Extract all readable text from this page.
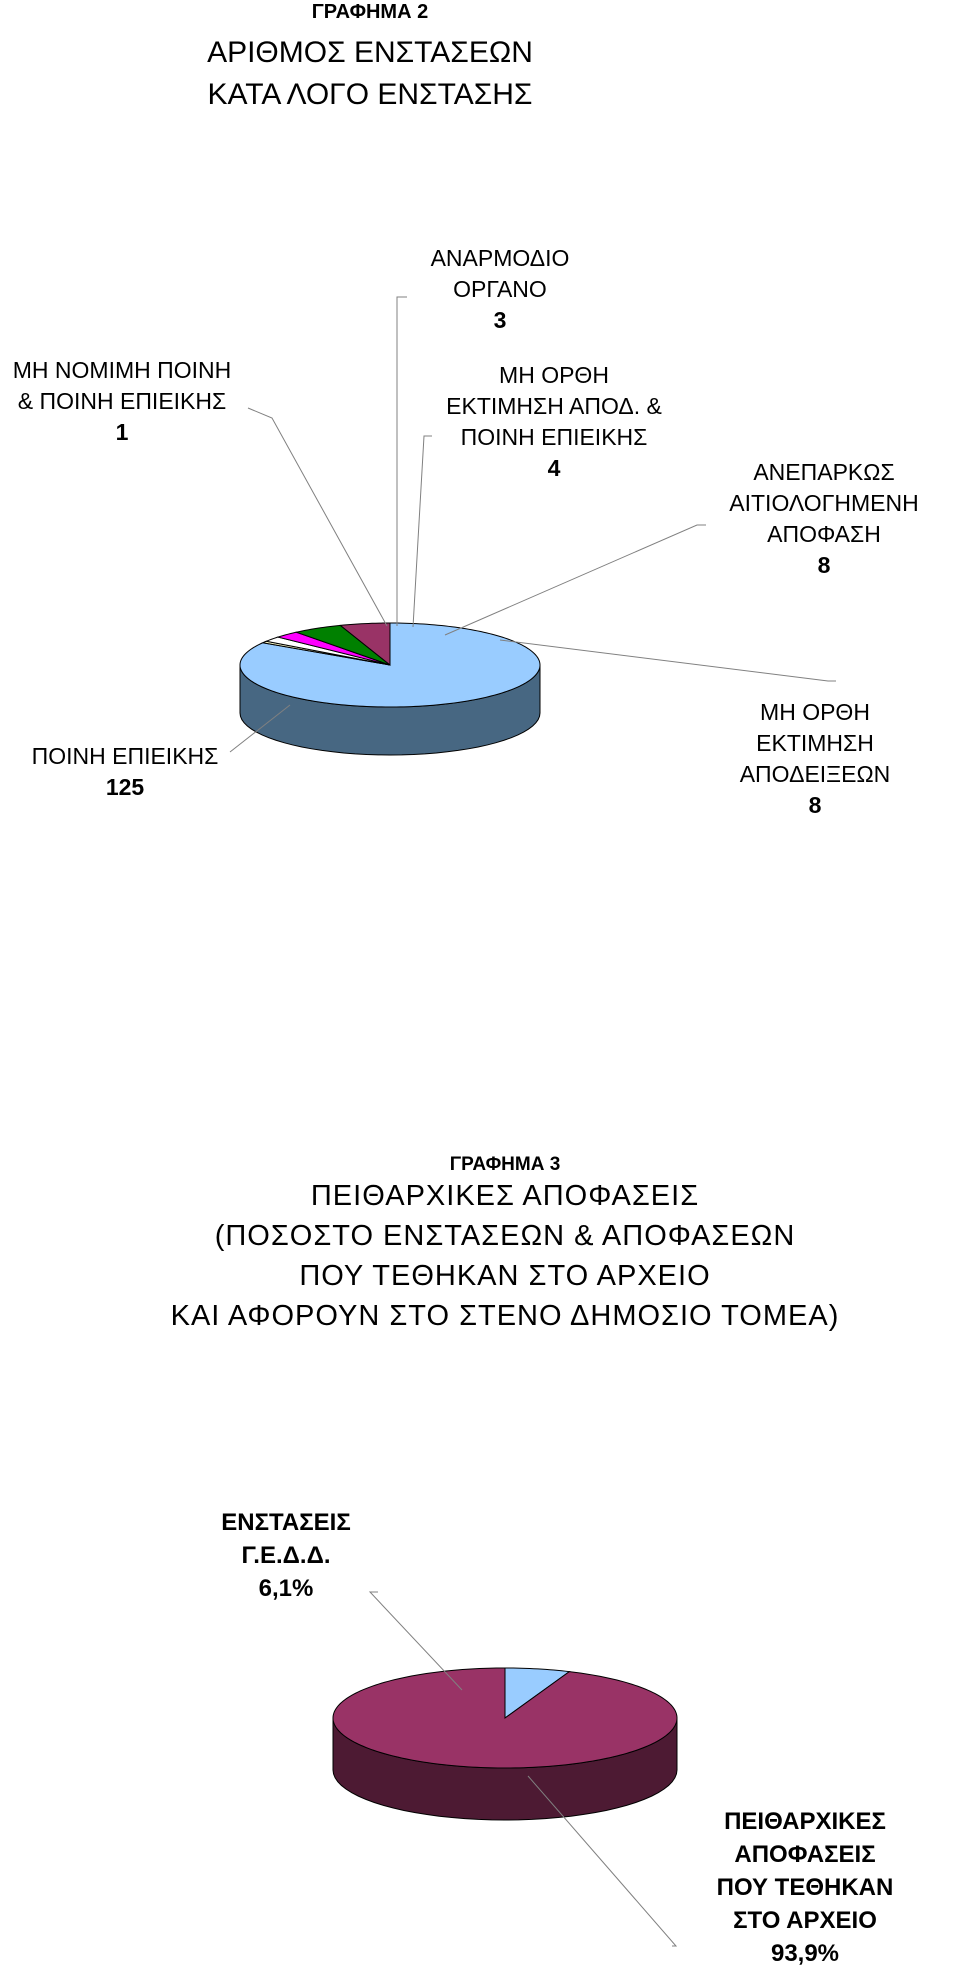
ΓΡΑΦΗΜΑ 2
ΑΡΙΘΜΟΣ ΕΝΣΤΑΣΕΩΝ
ΚΑΤΑ ΛΟΓΟ ΕΝΣΤΑΣΗΣ
ΠΟΙΝΗ ΕΠΙΕΙΚΗΣ
125
ΜΗ ΝΟΜΙΜΗ ΠΟΙΝΗ
& ΠΟΙΝΗ ΕΠΙΕΙΚΗΣ
1
ΑΝΑΡΜΟΔΙΟ
ΟΡΓΑΝΟ
3
ΜΗ ΟΡΘΗ
ΕΚΤΙΜΗΣΗ ΑΠΟΔ. &
ΠΟΙΝΗ ΕΠΙΕΙΚΗΣ
4	ΑΝΕΠΑΡΚΩΣ
ΑΙΤΙΟΛΟΓΗΜΕΝΗ
ΑΠΟΦΑΣΗ
8
ΜΗ ΟΡΘΗ
ΕΚΤΙΜΗΣΗ
ΑΠΟΔΕΙΞΕΩΝ
8
ΓΡΑΦΗΜΑ 3
ΠΕΙΘΑΡΧΙΚΕΣ ΑΠΟΦΑΣΕΙΣ
(ΠΟΣΟΣΤΟ ΕΝΣΤΑΣΕΩΝ & ΑΠΟΦΑΣΕΩΝ
ΠΟΥ ΤΕΘΗΚΑΝ ΣΤΟ ΑΡΧΕΙΟ
ΚΑΙ ΑΦΟΡΟΥΝ ΣΤΟ ΣΤΕΝΟ ΔΗΜΟΣΙΟ ΤΟΜΕΑ)
ΕΝΣΤΑΣΕΙΣ
Γ.Ε.Δ.Δ.
6,1%
ΠΕΙΘΑΡΧΙΚΕΣ
ΑΠΟΦΑΣΕΙΣ
ΠΟΥ ΤΕΘΗΚΑΝ
ΣΤΟ ΑΡΧΕΙΟ
93,9%
